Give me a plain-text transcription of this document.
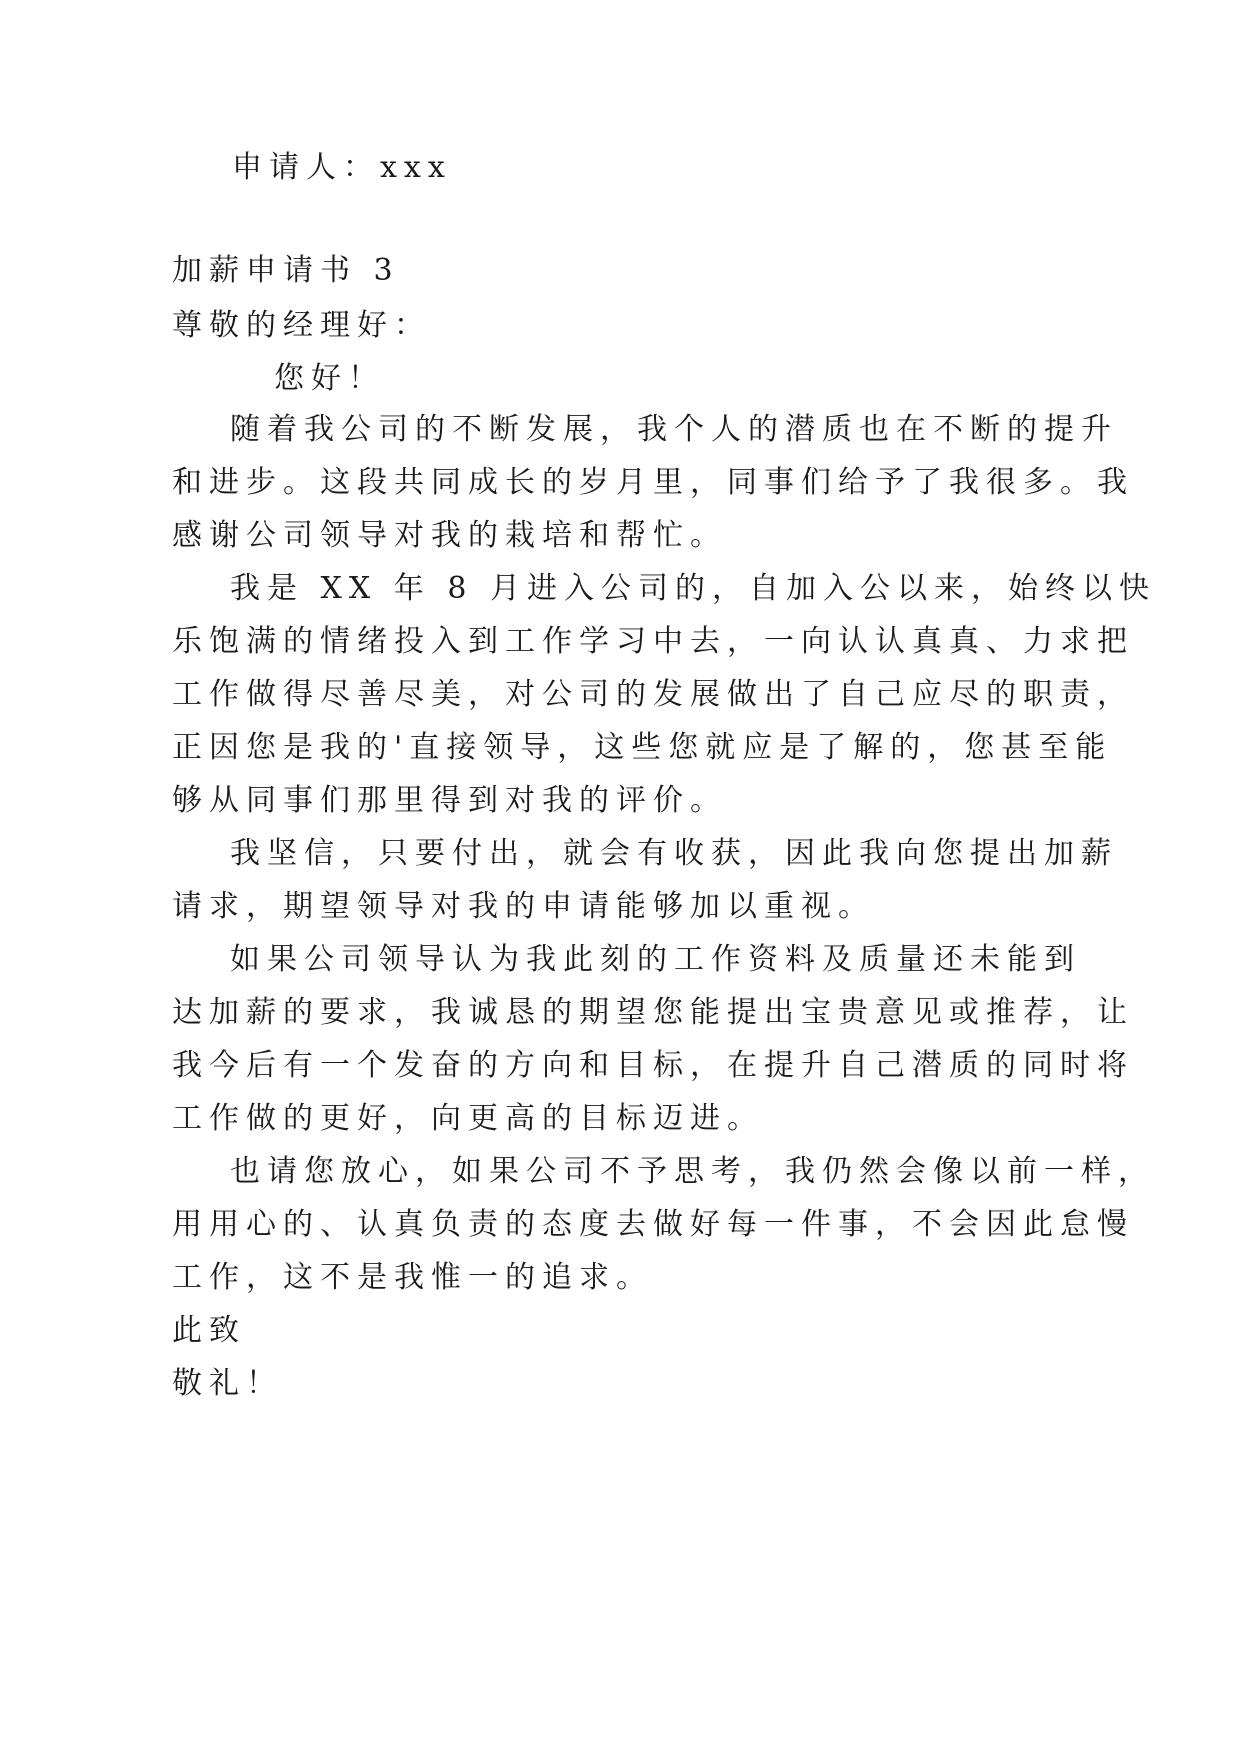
申请人：xxx
加薪申请书 3
尊敬的经理好：
您好！
随着我公司的不断发展，我个人的潜质也在不断的提升
和进步。这段共同成长的岁月里，同事们给予了我很多。我
感谢公司领导对我的栽培和帮忙。
我是 XX 年 8 月进入公司的，自加入公以来，始终以快
乐饱满的情绪投入到工作学习中去，一向认认真真、力求把
工作做得尽善尽美，对公司的发展做出了自己应尽的职责，
正因您是我的'直接领导，这些您就应是了解的，您甚至能
够从同事们那里得到对我的评价。
我坚信，只要付出，就会有收获，因此我向您提出加薪
请求，期望领导对我的申请能够加以重视。
如果公司领导认为我此刻的工作资料及质量还未能到
达加薪的要求，我诚恳的期望您能提出宝贵意见或推荐，让
我今后有一个发奋的方向和目标，在提升自己潜质的同时将
工作做的更好，向更高的目标迈进。
也请您放心，如果公司不予思考，我仍然会像以前一样，
用用心的、认真负责的态度去做好每一件事，不会因此怠慢
工作，这不是我惟一的追求。
此致
敬礼！
